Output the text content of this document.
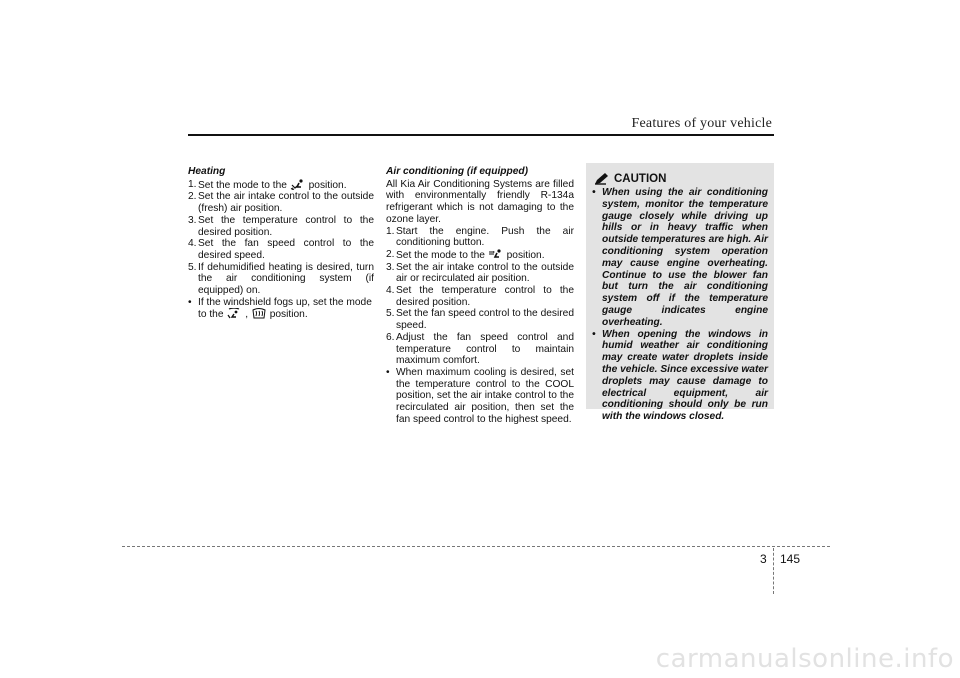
Features of your vehicle
Heating
1. Set the mode to the position.
2. Set the air intake control to the outside (fresh) air position.
3. Set the temperature control to the desired position.
4. Set the fan speed control to the desired speed.
5. If dehumidified heating is desired, turn the air conditioning system (if equipped) on.
• If the windshield fogs up, set the mode to the , position.
Air conditioning (if equipped)
All Kia Air Conditioning Systems are filled with environmentally friendly R-134a refrigerant which is not damaging to the ozone layer.
1. Start the engine. Push the air conditioning button.
2. Set the mode to the position.
3. Set the air intake control to the outside air or recirculated air position.
4. Set the temperature control to the desired position.
5. Set the fan speed control to the desired speed.
6. Adjust the fan speed control and temperature control to maintain maximum comfort.
• When maximum cooling is desired, set the temperature control to the COOL position, set the air intake control to the recirculated air position, then set the fan speed control to the highest speed.
CAUTION
• When using the air conditioning system, monitor the temperature gauge closely while driving up hills or in heavy traffic when outside temperatures are high. Air conditioning system operation may cause engine overheating. Continue to use the blower fan but turn the air conditioning system off if the temperature gauge indicates engine overheating.
• When opening the windows in humid weather air conditioning may create water droplets inside the vehicle. Since excessive water droplets may cause damage to electrical equipment, air conditioning should only be run with the windows closed.
3 145
carmanualsonline.info
